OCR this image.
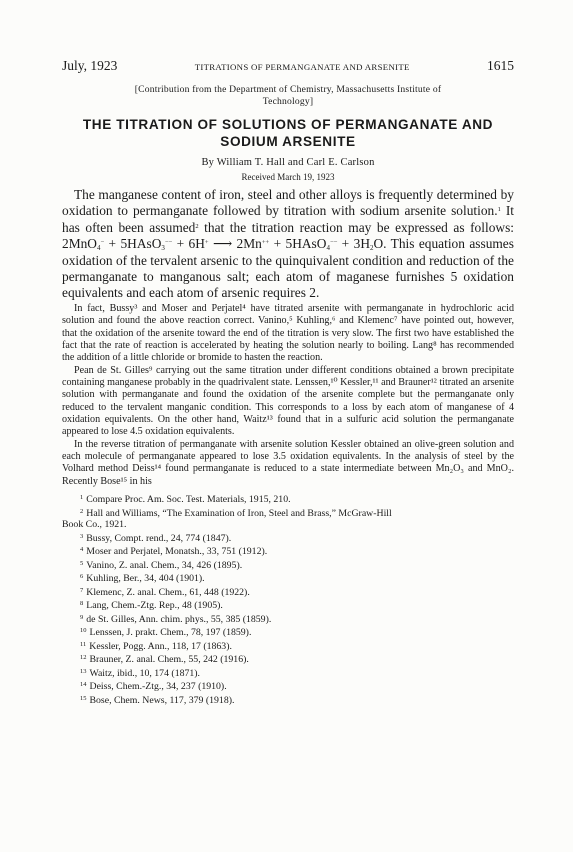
July, 1923	TITRATIONS OF PERMANGANATE AND ARSENITE	1615
[Contribution from the Department of Chemistry, Massachusetts Institute of
Technology]
THE TITRATION OF SOLUTIONS OF PERMANGANATE AND
SODIUM ARSENITE
By William T. Hall and Carl E. Carlson
Received March 19, 1923

The manganese content of iron, steel and other alloys is frequently determined by oxidation to permanganate followed by titration with sodium arsenite solution.$^1$ It has often been assumed$^2$ that the titration reaction may be expressed as follows: 2MnO$_4$− + 5HAsO$_3$−− + 6H+ ⟶ 2Mn++ + 5HAsO$_4$−− + $3H_2O$. This equation assumes oxidation of the tervalent arsenic to the quinquivalent condition and reduction of the permanganate to manganous salt; each atom of maganese furnishes 5 oxidation equivalents and each atom of arsenic requires 2.

In fact, Bussy³ and Moser and Perjatel⁴ have titrated arsenite with permanganate in hydrochloric acid solution and found the above reaction correct. Vanino,⁵ Kuhling,⁶ and Klemenc⁷ have pointed out, however, that the oxidation of the arsenite toward the end of the titration is very slow. The first two have established the fact that the rate of reaction is accelerated by heating the solution nearly to boiling. Lang⁸ has recommended the addition of a little chloride or bromide to hasten the reaction.

Pean de St. Gilles⁹ carrying out the same titration under different conditions obtained a brown precipitate containing manganese probably in the quadrivalent state. Lenssen,¹⁰ Kessler,¹¹ and Brauner¹² titrated an arsenite solution with permanganate and found the oxidation of the arsenite complete but the permanganate only reduced to the tervalent manganic condition. This corresponds to a loss by each atom of manganese of 4 oxidation equivalents. On the other hand, Waitz¹³ found that in a sulfuric acid solution the permanganate appeared to lose 4.5 oxidation equivalents.

In the reverse titration of permanganate with arsenite solution Kessler obtained an olive-green solution and each molecule of permanganate appeared to lose 3.5 oxidation equivalents. In the analysis of steel by the Volhard method Deiss¹⁴ found permanganate is reduced to a state intermediate between Mn₂O₃ and MnO₂. Recently Bose¹⁵ in his

$^1$ Compare Proc. Am. Soc. Test. Materials, 1915, 210.

$^2$ Hall and Williams, “The Examination of Iron, Steel and Brass,” McGraw-Hill

Book Co., 1921.

$^3$ Bussy, Compt. rend., 24, 774 (1847).

$^4$ Moser and Perjatel, Monatsh., 33, 751 (1912).

$^5$ Vanino, Z. anal. Chem., 34, 426 (1895).

$^6$ Kuhling, Ber., 34, 404 (1901).

$^7$ Klemenc, Z. anal. Chem., 61, 448 (1922).

$^8$ Lang, Chem.-Ztg. Rep., 48 (1905).

$^9$ de St. Gilles, Ann. chim. phys., 55, 385 (1859).

$^{10}$ Lenssen, J. prakt. Chem., 78, 197 (1859).

$^{11}$ Kessler, Pogg. Ann., 118, 17 (1863).

$^{12}$ Brauner, Z. anal. Chem., 55, 242 (1916).

$^{13}$ Waitz, ibid., 10, 174 (1871).

$^{14}$ Deiss, Chem.-Ztg., 34, 237 (1910).

$^{15}$ Bose, Chem. News, 117, 379 (1918).
